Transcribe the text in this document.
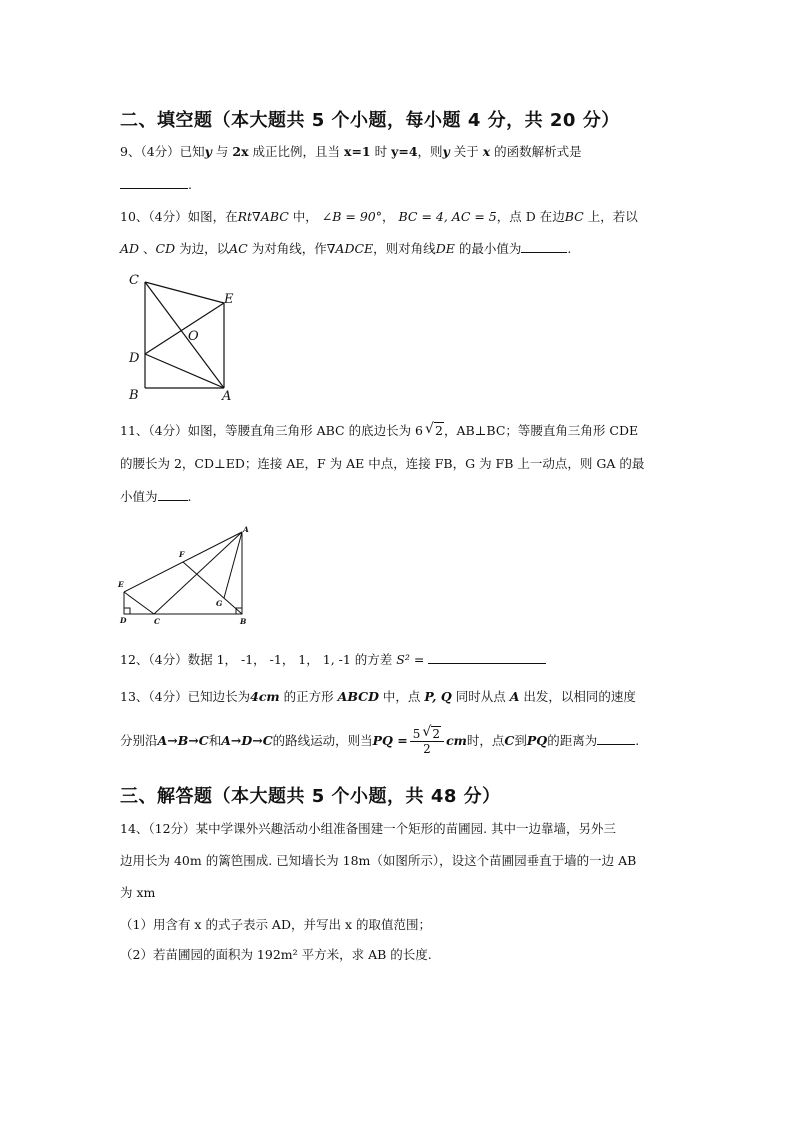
二、填空题（本大题共 5 个小题，每小题 4 分，共 20 分）
9、（4分）已知y 与 2x 成正比例，且当 x=1 时 y=4，则y 关于 x 的函数解析式是
.
10、（4分）如图，在Rt∇ABC 中， ∠B = 90°， BC = 4, AC = 5，点 D 在边BC 上，若以
AD 、CD 为边，以AC 为对角线，作∇ADCE，则对角线DE 的最小值为	.
C
E
O
D
B	A
11、（4分）如图，等腰直角三角形 ABC 的底边长为 6 √ 2，AB⊥BC；等腰直角三角形 CDE
的腰长为 2，CD⊥ED；连接 AE，F 为 AE 中点，连接 FB，G 为 FB 上一动点，则 GA 的最
小值为 .
A
F
E
G
D	C	B
12、（4分）数据 1， -1， -1， 1， 1, -1 的方差 S² =
13、（4分）已知边长为4cm 的正方形 ABCD 中，点 P, Q 同时从点 A 出发，以相同的速度
分别沿A→B→C和A→D→C的路线运动，则当PQ = $\frac{5 √ 2}{2}$ cm时，点C到PQ的距离为	.
三、解答题（本大题共 5 个小题，共 48 分）
14、（12分）某中学课外兴趣活动小组准备围建一个矩形的苗圃园. 其中一边靠墙，另外三
边用长为 40m 的篱笆围成. 已知墙长为 18m（如图所示），设这个苗圃园垂直于墙的一边 AB
为 xm
（1）用含有 x 的式子表示 AD，并写出 x 的取值范围；
（2）若苗圃园的面积为 192m² 平方米，求 AB 的长度.
